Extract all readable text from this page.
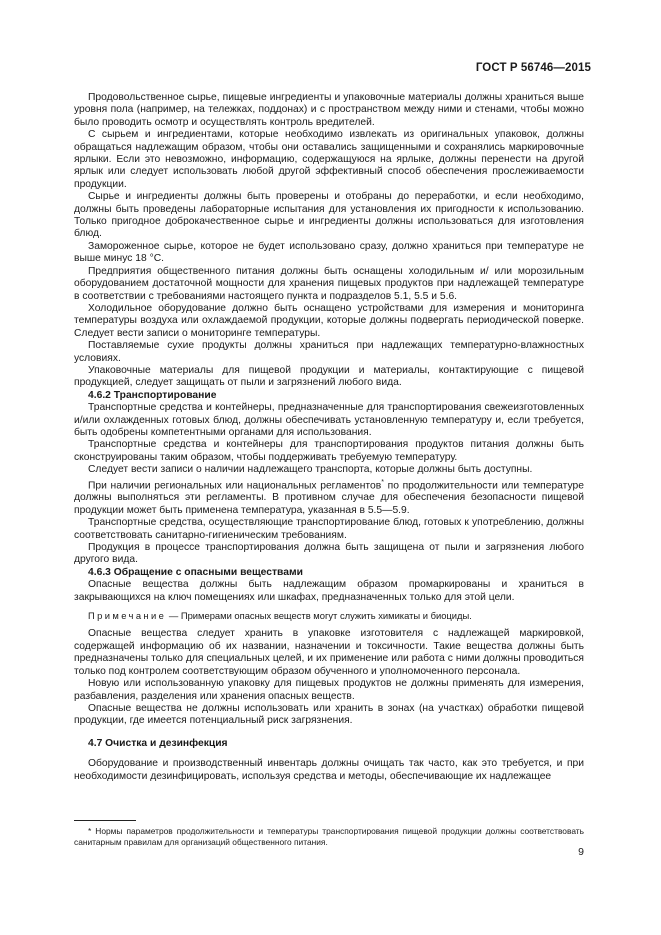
ГОСТ Р 56746—2015

Продовольственное сырье, пищевые ингредиенты и упаковочные материалы должны храниться выше уровня пола (например, на тележках, поддонах) и с пространством между ними и стенами, чтобы можно было проводить осмотр и осуществлять контроль вредителей.

С сырьем и ингредиентами, которые необходимо извлекать из оригинальных упаковок, должны обращаться надлежащим образом, чтобы они оставались защищенными и сохранялись маркировочные ярлыки. Если это невозможно, информацию, содержащуюся на ярлыке, должны перенести на другой ярлык или следует использовать любой другой эффективный способ обеспечения прослеживаемости продукции.

Сырье и ингредиенты должны быть проверены и отобраны до переработки, и если необходимо, должны быть проведены лабораторные испытания для установления их пригодности к использованию. Только пригодное доброкачественное сырье и ингредиенты должны использоваться для изготовления блюд.

Замороженное сырье, которое не будет использовано сразу, должно храниться при температуре не выше минус 18 °С.

Предприятия общественного питания должны быть оснащены холодильным и/ или морозильным оборудованием достаточной мощности для хранения пищевых продуктов при надлежащей температуре в соответствии с требованиями настоящего пункта и подразделов 5.1, 5.5 и 5.6.

Холодильное оборудование должно быть оснащено устройствами для измерения и мониторинга температуры воздуха или охлаждаемой продукции, которые должны подвергать периодической поверке. Следует вести записи о мониторинге температуры.

Поставляемые сухие продукты должны храниться при надлежащих температурно-влажностных условиях.

Упаковочные материалы для пищевой продукции и материалы, контактирующие с пищевой продукцией, следует защищать от пыли и загрязнений любого вида.

4.6.2 Транспортирование

Транспортные средства и контейнеры, предназначенные для транспортирования свежеизготовленных и/или охлажденных готовых блюд, должны обеспечивать установленную температуру и, если требуется, быть одобрены компетентными органами для использования.

Транспортные средства и контейнеры для транспортирования продуктов питания должны быть сконструированы таким образом, чтобы поддерживать требуемую температуру.

Следует вести записи о наличии надлежащего транспорта, которые должны быть доступны.

При наличии региональных или национальных регламентов* по продолжительности или температуре должны выполняться эти регламенты. В противном случае для обеспечения безопасности пищевой продукции может быть применена температура, указанная в 5.5—5.9.

Транспортные средства, осуществляющие транспортирование блюд, готовых к употреблению, должны соответствовать санитарно-гигиеническим требованиям.

Продукция в процессе транспортирования должна быть защищена от пыли и загрязнения любого другого вида.

4.6.3 Обращение с опасными веществами

Опасные вещества должны быть надлежащим образом промаркированы и храниться в закрывающихся на ключ помещениях или шкафах, предназначенных только для этой цели.

Примечание — Примерами опасных веществ могут служить химикаты и биоциды.

Опасные вещества следует хранить в упаковке изготовителя с надлежащей маркировкой, содержащей информацию об их названии, назначении и токсичности. Такие вещества должны быть предназначены только для специальных целей, и их применение или работа с ними должны проводиться только под контролем соответствующим образом обученного и уполномоченного персонала.

Новую или использованную упаковку для пищевых продуктов не должны применять для измерения, разбавления, разделения или хранения опасных веществ.

Опасные вещества не должны использовать или хранить в зонах (на участках) обработки пищевой продукции, где имеется потенциальный риск загрязнения.

4.7 Очистка и дезинфекция

Оборудование и производственный инвентарь должны очищать так часто, как это требуется, и при необходимости дезинфицировать, используя средства и методы, обеспечивающие их надлежащее

* Нормы параметров продолжительности и температуры транспортирования пищевой продукции должны соответствовать санитарным правилам для организаций общественного питания.
9
